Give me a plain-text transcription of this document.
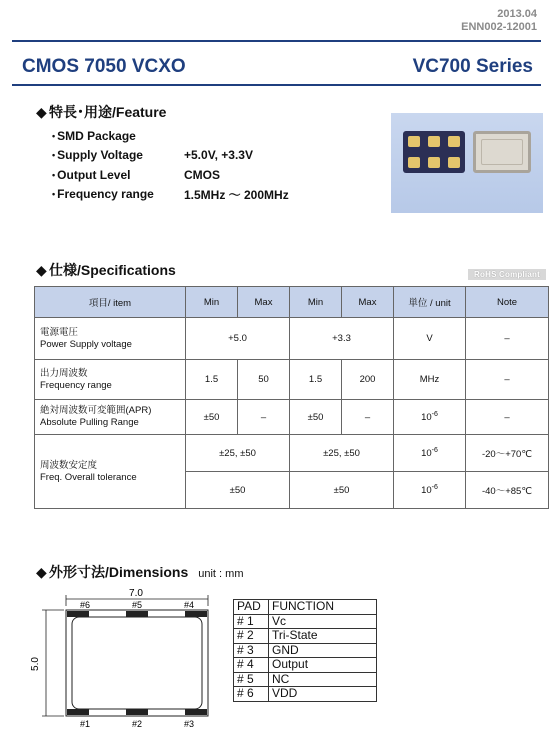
2013.04
ENN002-12001
CMOS 7050 VCXO	VC700 Series
◆ 特長･用途/Feature
• SMD Package
• Supply Voltage	+5.0V, +3.3V
• Output Level	CMOS
• Frequency range	1.5MHz 〜 200MHz
◆ 仕様/Specifications	RoHS Compliant
項目/ item	Min	Max	Min	Max	単位 / unit	Note

電源電圧
Power Supply voltage	+5.0		+3.3		V	–

出力周波数
Frequency range	1.5	50	1.5	200	MHz	–

絶対周波数可変範囲(APR)
Absolute Pulling Range	±50	–	±50	–	$10^{-6}$	–

周波数安定度
Freq. Overall tolerance	±25, ±50		±25, ±50		$10^{-6}$	-20～+70℃
	±50		±50		$10^{-6}$	-40～+85℃
◆ 外形寸法/Dimensions unit : mm
7.0
5.0
#6	#5	#4
#1	#2	#3
PAD	FUNCTION
# 1	Vc
# 2	Tri-State
# 3	GND
# 4	Output
# 5	NC
# 6	VDD
